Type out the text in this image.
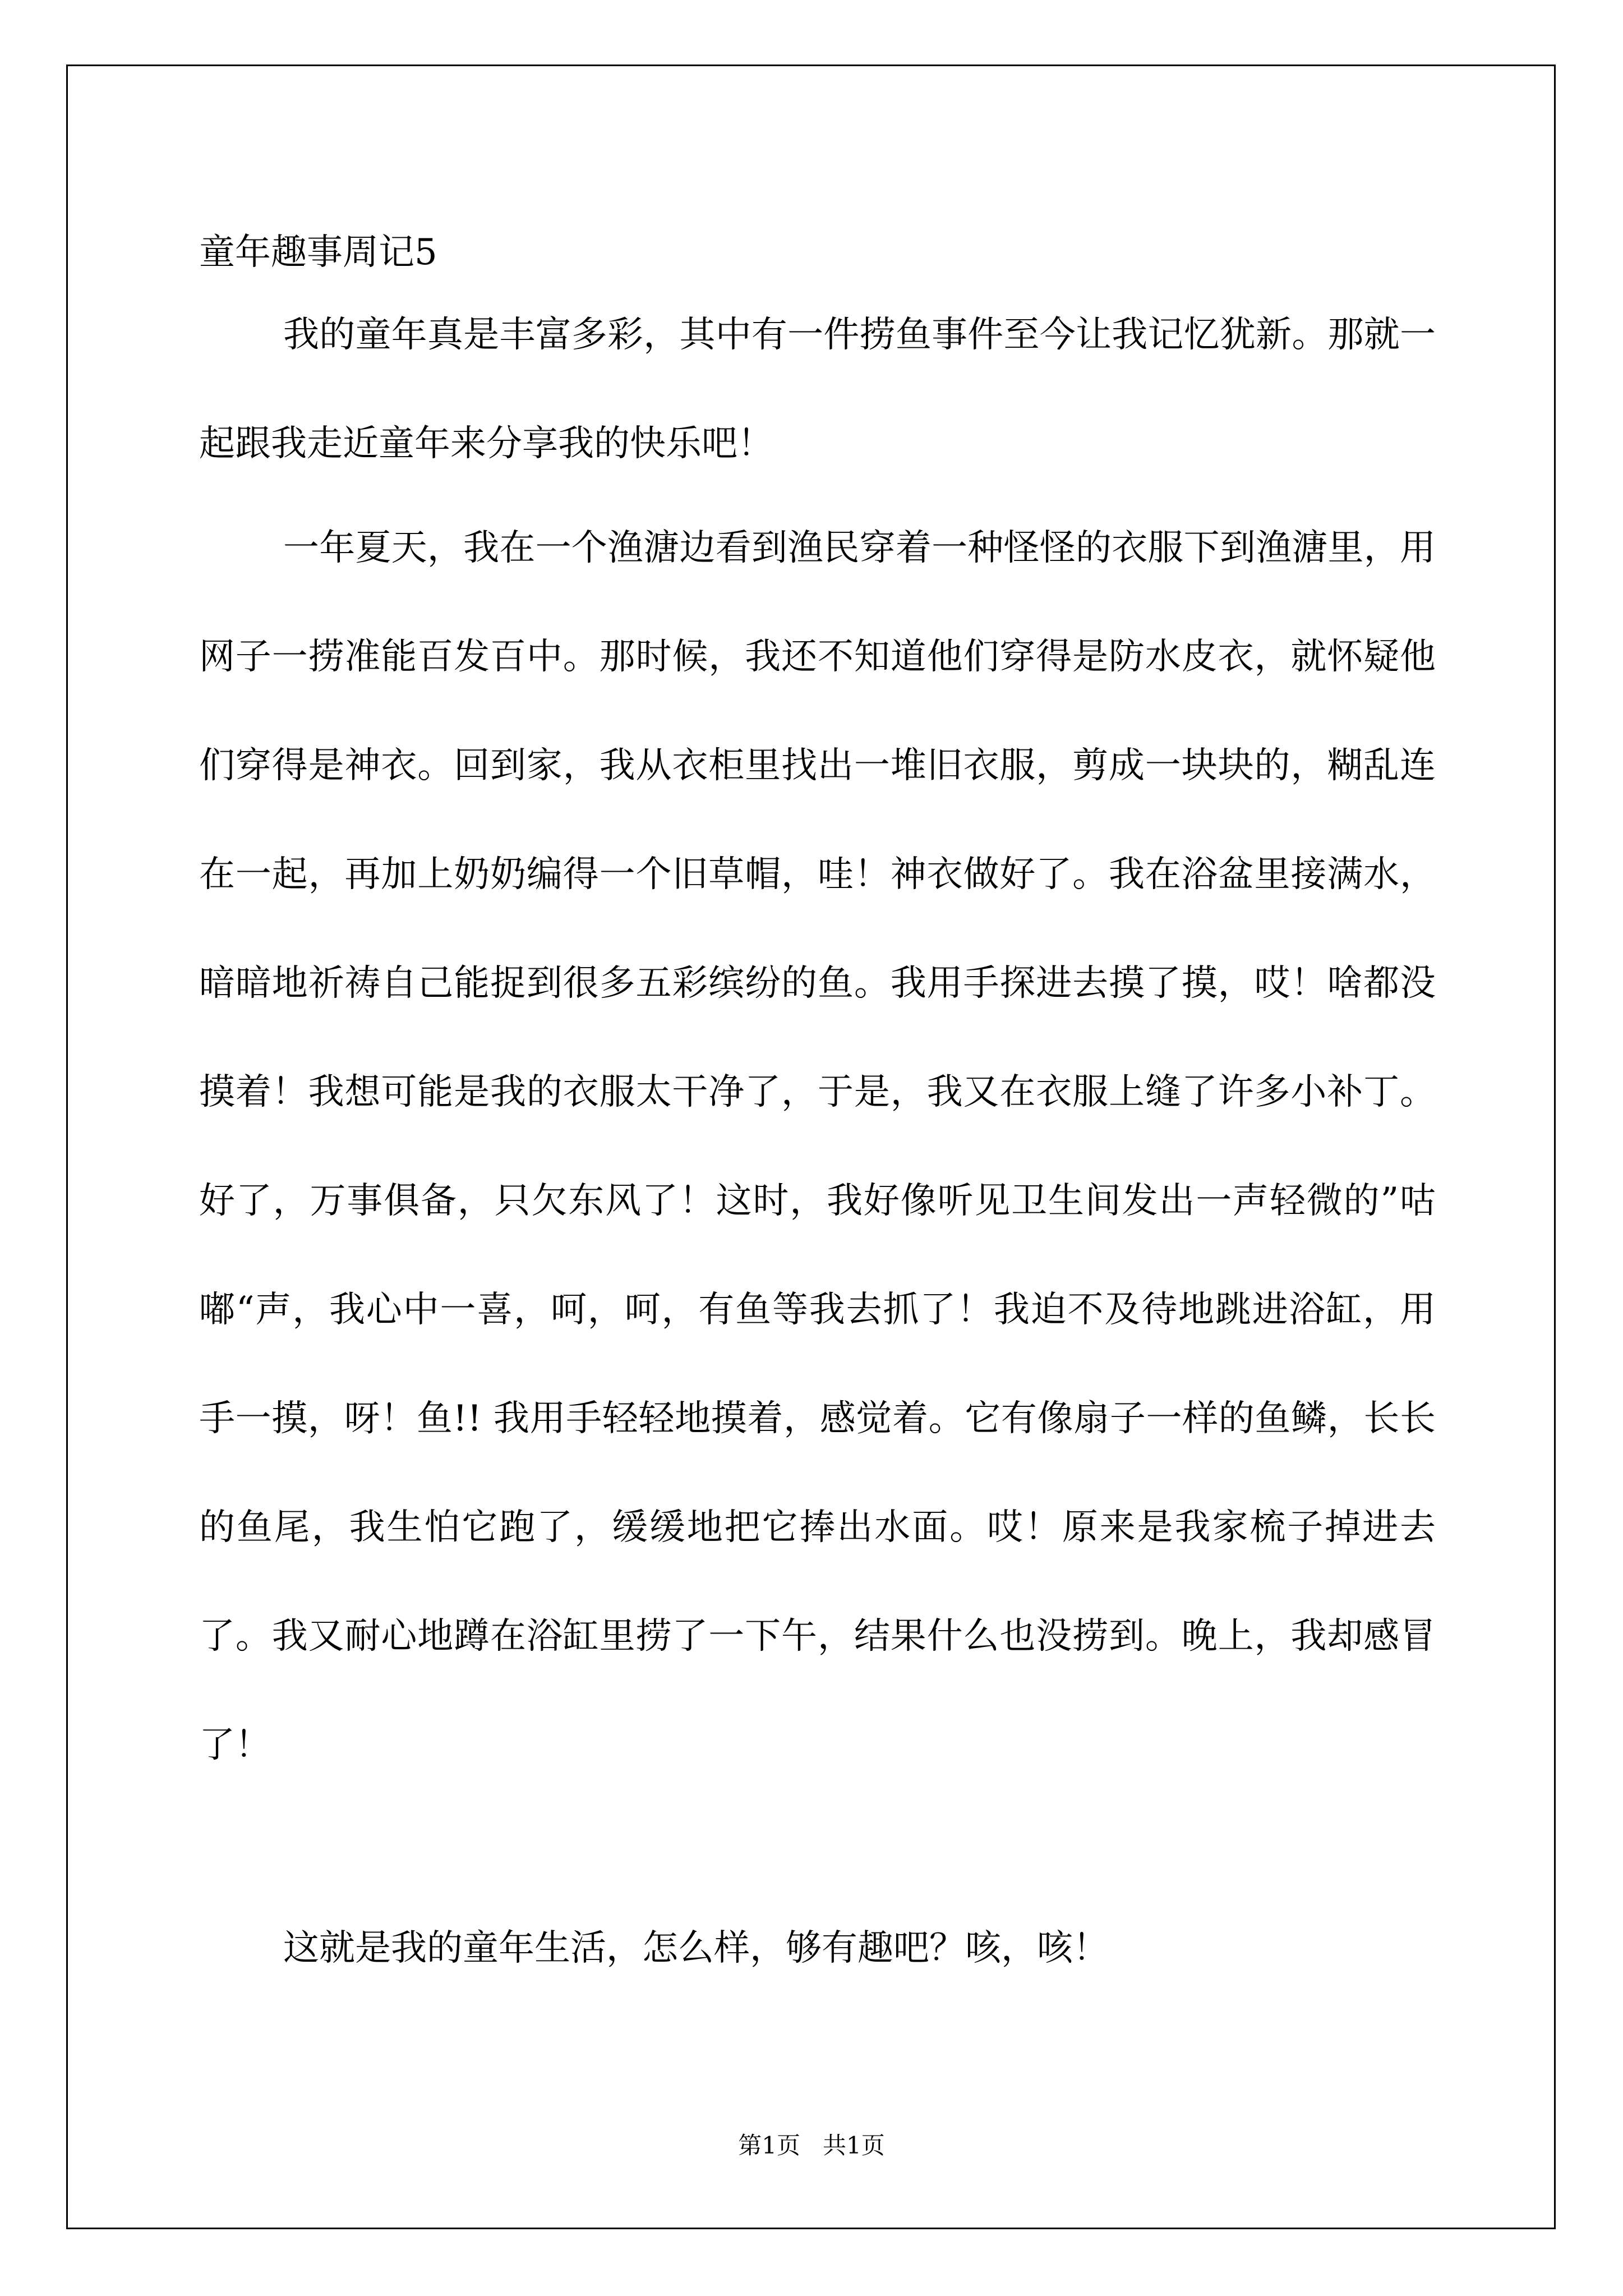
童年趣事周记5

我的童年真是丰富多彩，其中有一件捞鱼事件至今让我记忆犹新。那就一起跟我走近童年来分享我的快乐吧！

一年夏天，我在一个渔溏边看到渔民穿着一种怪怪的衣服下到渔溏里，用网子一捞准能百发百中。那时候，我还不知道他们穿得是防水皮衣，就怀疑他们穿得是神衣。回到家，我从衣柜里找出一堆旧衣服，剪成一块块的，糊乱连在一起，再加上奶奶编得一个旧草帽，哇！神衣做好了。我在浴盆里接满水，暗暗地祈祷自己能捉到很多五彩缤纷的鱼。我用手探进去摸了摸，哎！啥都没摸着！我想可能是我的衣服太干净了，于是，我又在衣服上缝了许多小补丁。好了，万事俱备，只欠东风了！这时，我好像听见卫生间发出一声轻微的”咕嘟“声，我心中一喜，呵，呵，有鱼等我去抓了！我迫不及待地跳进浴缸，用手一摸，呀！鱼!! 我用手轻轻地摸着，感觉着。它有像扇子一样的鱼鳞，长长的鱼尾，我生怕它跑了，缓缓地把它捧出水面。哎！原来是我家梳子掉进去了。我又耐心地蹲在浴缸里捞了一下午，结果什么也没捞到。晚上，我却感冒了！

这就是我的童年生活，怎么样，够有趣吧？咳，咳！

第1页 共1页
